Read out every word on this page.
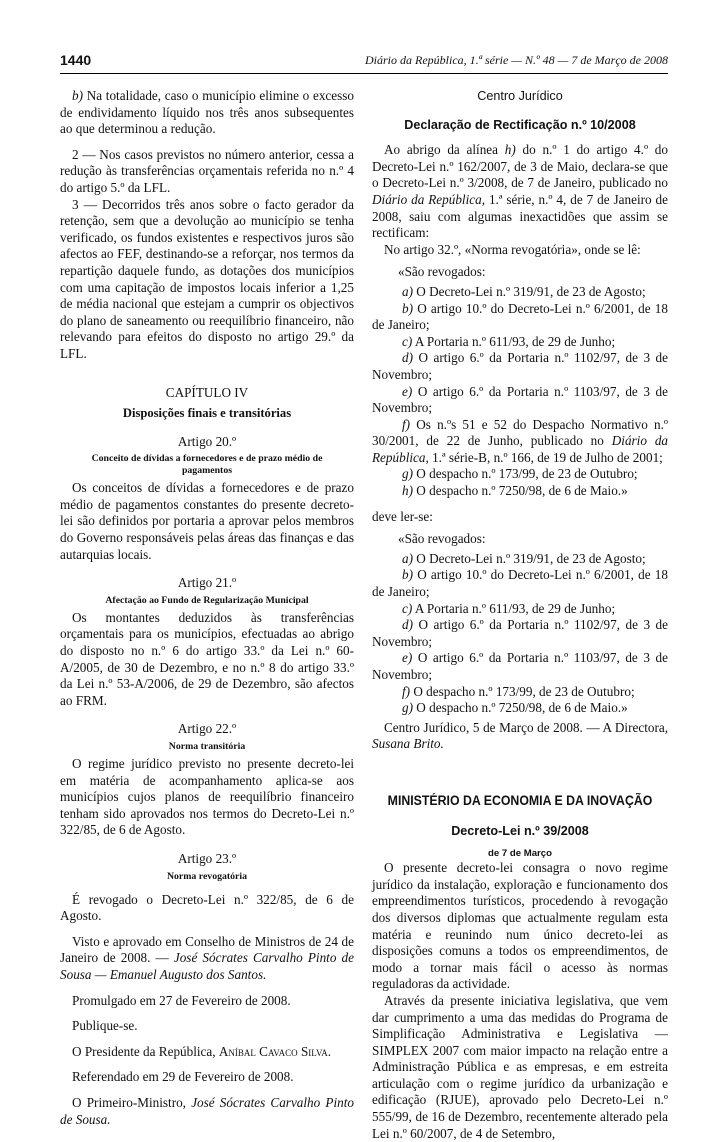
1440	Diário da República, 1.ª série — N.º 48 — 7 de Março de 2008

b) Na totalidade, caso o município elimine o excesso de endividamento líquido nos três anos subsequentes ao que determinou a redução.

2 — Nos casos previstos no número anterior, cessa a redução às transferências orçamentais referida no n.º 4 do artigo 5.º da LFL.

3 — Decorridos três anos sobre o facto gerador da retenção, sem que a devolução ao município se tenha verificado, os fundos existentes e respectivos juros são afectos ao FEF, destinando-se a reforçar, nos termos da repartição daquele fundo, as dotações dos municípios com uma capitação de impostos locais inferior a 1,25 de média nacional que estejam a cumprir os objectivos do plano de saneamento ou reequilíbrio financeiro, não relevando para efeitos do disposto no artigo 29.º da LFL.

CAPÍTULO IV

Disposições finais e transitórias

Artigo 20.º

Conceito de dívidas a fornecedores e de prazo médio de pagamentos

Os conceitos de dívidas a fornecedores e de prazo médio de pagamentos constantes do presente decreto-lei são definidos por portaria a aprovar pelos membros do Governo responsáveis pelas áreas das finanças e das autarquias locais.

Artigo 21.º

Afectação ao Fundo de Regularização Municipal

Os montantes deduzidos às transferências orçamentais para os municípios, efectuadas ao abrigo do disposto no n.º 6 do artigo 33.º da Lei n.º 60-A/2005, de 30 de Dezembro, e no n.º 8 do artigo 33.º da Lei n.º 53-A/2006, de 29 de Dezembro, são afectos ao FRM.

Artigo 22.º

Norma transitória

O regime jurídico previsto no presente decreto-lei em matéria de acompanhamento aplica-se aos municípios cujos planos de reequilíbrio financeiro tenham sido aprovados nos termos do Decreto-Lei n.º 322/85, de 6 de Agosto.

Artigo 23.º

Norma revogatória

É revogado o Decreto-Lei n.º 322/85, de 6 de Agosto.

Visto e aprovado em Conselho de Ministros de 24 de Janeiro de 2008. — José Sócrates Carvalho Pinto de Sousa — Emanuel Augusto dos Santos.

Promulgado em 27 de Fevereiro de 2008.

Publique-se.

O Presidente da República, Aníbal Cavaco Silva.

Referendado em 29 de Fevereiro de 2008.

O Primeiro-Ministro, José Sócrates Carvalho Pinto de Sousa.

Centro Jurídico

Declaração de Rectificação n.º 10/2008

Ao abrigo da alínea h) do n.º 1 do artigo 4.º do Decreto-Lei n.º 162/2007, de 3 de Maio, declara-se que o Decreto-Lei n.º 3/2008, de 7 de Janeiro, publicado no Diário da República, 1.ª série, n.º 4, de 7 de Janeiro de 2008, saiu com algumas inexactidões que assim se rectificam:

No artigo 32.º, «Norma revogatória», onde se lê:

«São revogados:

a) O Decreto-Lei n.º 319/91, de 23 de Agosto;

b) O artigo 10.º do Decreto-Lei n.º 6/2001, de 18 de Janeiro;

c) A Portaria n.º 611/93, de 29 de Junho;

d) O artigo 6.º da Portaria n.º 1102/97, de 3 de Novembro;

e) O artigo 6.º da Portaria n.º 1103/97, de 3 de Novembro;

f) Os n.ºs 51 e 52 do Despacho Normativo n.º 30/2001, de 22 de Junho, publicado no Diário da República, 1.ª série-B, n.º 166, de 19 de Julho de 2001;

g) O despacho n.º 173/99, de 23 de Outubro;

h) O despacho n.º 7250/98, de 6 de Maio.»

deve ler-se:

«São revogados:

a) O Decreto-Lei n.º 319/91, de 23 de Agosto;

b) O artigo 10.º do Decreto-Lei n.º 6/2001, de 18 de Janeiro;

c) A Portaria n.º 611/93, de 29 de Junho;

d) O artigo 6.º da Portaria n.º 1102/97, de 3 de Novembro;

e) O artigo 6.º da Portaria n.º 1103/97, de 3 de Novembro;

f) O despacho n.º 173/99, de 23 de Outubro;

g) O despacho n.º 7250/98, de 6 de Maio.»

Centro Jurídico, 5 de Março de 2008. — A Directora, Susana Brito.

MINISTÉRIO DA ECONOMIA E DA INOVAÇÃO

Decreto-Lei n.º 39/2008

de 7 de Março

O presente decreto-lei consagra o novo regime jurídico da instalação, exploração e funcionamento dos empreendimentos turísticos, procedendo à revogação dos diversos diplomas que actualmente regulam esta matéria e reunindo num único decreto-lei as disposições comuns a todos os empreendimentos, de modo a tornar mais fácil o acesso às normas reguladoras da actividade.

Através da presente iniciativa legislativa, que vem dar cumprimento a uma das medidas do Programa de Simplificação Administrativa e Legislativa — SIMPLEX 2007 com maior impacto na relação entre a Administração Pública e as empresas, e em estreita articulação com o regime jurídico da urbanização e edificação (RJUE), aprovado pelo Decreto-Lei n.º 555/99, de 16 de Dezembro, recentemente alterado pela Lei n.º 60/2007, de 4 de Setembro,
